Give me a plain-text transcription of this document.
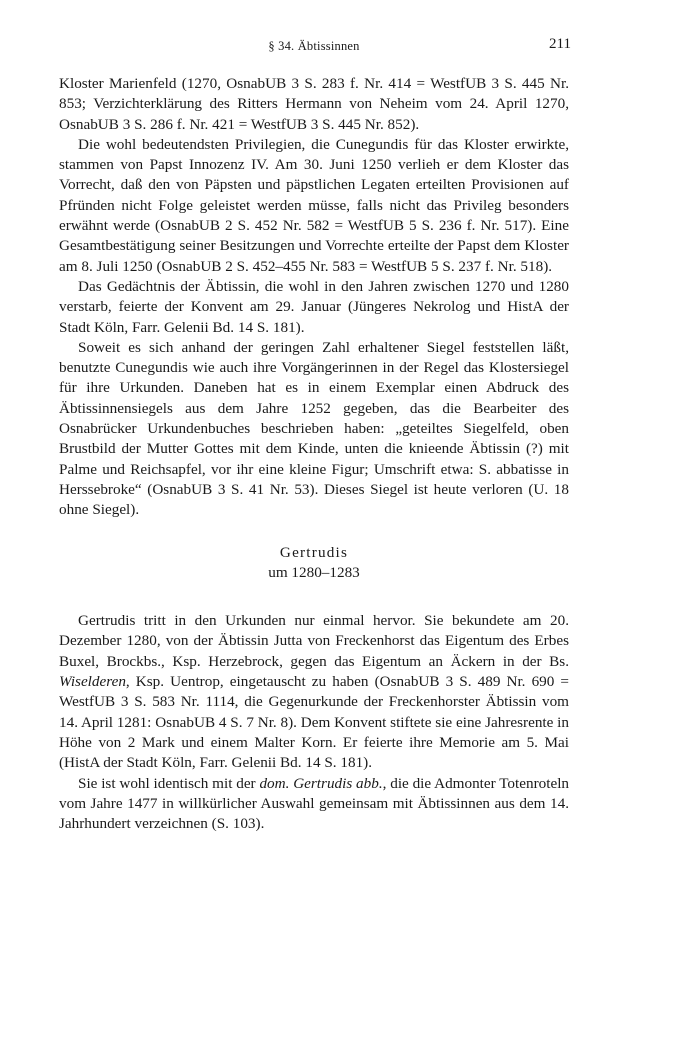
§ 34. Äbtissinnen	211

Kloster Marienfeld (1270, OsnabUB 3 S. 283 f. Nr. 414 = WestfUB 3 S. 445 Nr. 853; Verzichterklärung des Ritters Hermann von Neheim vom 24. April 1270, OsnabUB 3 S. 286 f. Nr. 421 = WestfUB 3 S. 445 Nr. 852).

Die wohl bedeutendsten Privilegien, die Cunegundis für das Kloster erwirkte, stammen von Papst Innozenz IV. Am 30. Juni 1250 verlieh er dem Kloster das Vorrecht, daß den von Päpsten und päpstlichen Legaten erteilten Provisionen auf Pfründen nicht Folge geleistet werden müsse, falls nicht das Privileg besonders erwähnt werde (OsnabUB 2 S. 452 Nr. 582 = WestfUB 5 S. 236 f. Nr. 517). Eine Gesamtbestätigung seiner Besitzungen und Vorrechte erteilte der Papst dem Kloster am 8. Juli 1250 (OsnabUB 2 S. 452–455 Nr. 583 = WestfUB 5 S. 237 f. Nr. 518).

Das Gedächtnis der Äbtissin, die wohl in den Jahren zwischen 1270 und 1280 verstarb, feierte der Konvent am 29. Januar (Jüngeres Nekrolog und HistA der Stadt Köln, Farr. Gelenii Bd. 14 S. 181).

Soweit es sich anhand der geringen Zahl erhaltener Siegel feststellen läßt, benutzte Cunegundis wie auch ihre Vorgängerinnen in der Regel das Klostersiegel für ihre Urkunden. Daneben hat es in einem Exemplar einen Abdruck des Äbtissinnensiegels aus dem Jahre 1252 gegeben, das die Bearbeiter des Osnabrücker Urkundenbuches beschrieben haben: „geteiltes Siegelfeld, oben Brustbild der Mutter Gottes mit dem Kinde, unten die knieende Äbtissin (?) mit Palme und Reichsapfel, vor ihr eine kleine Figur; Umschrift etwa: S. abbatisse in Herssebroke“ (OsnabUB 3 S. 41 Nr. 53). Dieses Siegel ist heute verloren (U. 18 ohne Siegel).

Gertrudis
um 1280–1283

Gertrudis tritt in den Urkunden nur einmal hervor. Sie bekundete am 20. Dezember 1280, von der Äbtissin Jutta von Freckenhorst das Eigentum des Erbes Buxel, Brockbs., Ksp. Herzebrock, gegen das Eigentum an Äckern in der Bs. Wiselderen, Ksp. Uentrop, eingetauscht zu haben (OsnabUB 3 S. 489 Nr. 690 = WestfUB 3 S. 583 Nr. 1114, die Gegenurkunde der Freckenhorster Äbtissin vom 14. April 1281: OsnabUB 4 S. 7 Nr. 8). Dem Konvent stiftete sie eine Jahresrente in Höhe von 2 Mark und einem Malter Korn. Er feierte ihre Memorie am 5. Mai (HistA der Stadt Köln, Farr. Gelenii Bd. 14 S. 181).

Sie ist wohl identisch mit der dom. Gertrudis abb., die die Admonter Totenroteln vom Jahre 1477 in willkürlicher Auswahl gemeinsam mit Äbtissinnen aus dem 14. Jahrhundert verzeichnen (S. 103).
